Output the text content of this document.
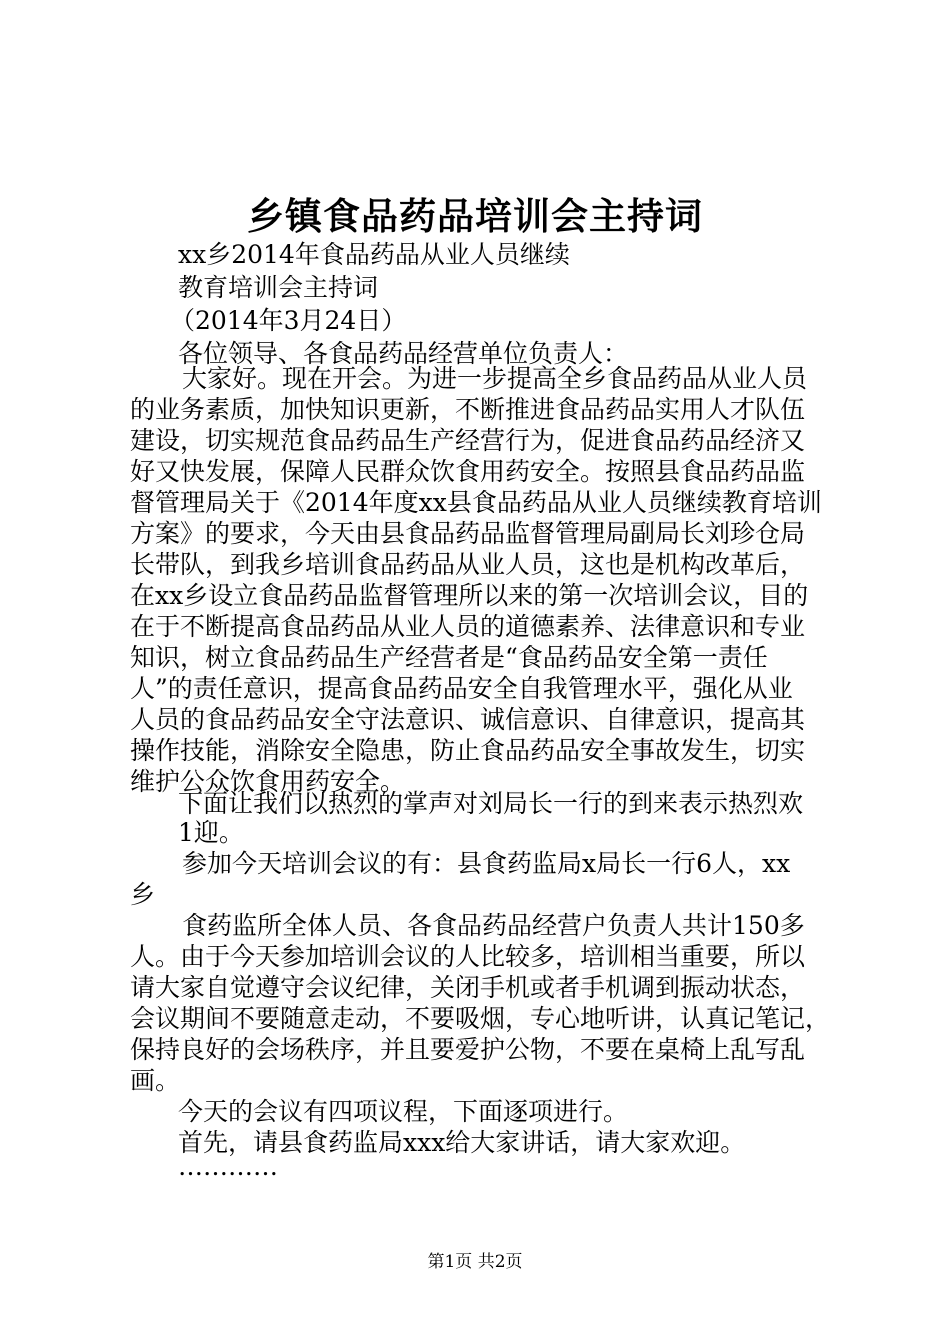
乡镇食品药品培训会主持词
xx乡2014年食品药品从业人员继续
教育培训会主持词
（2014年3月24日）
各位领导、各食品药品经营单位负责人：
大家好。现在开会。为进一步提高全乡食品药品从业人员
的业务素质，加快知识更新，不断推进食品药品实用人才队伍
建设，切实规范食品药品生产经营行为，促进食品药品经济又
好又快发展，保障人民群众饮食用药安全。按照县食品药品监
督管理局关于《2014年度xx县食品药品从业人员继续教育培训
方案》的要求，今天由县食品药品监督管理局副局长刘珍仓局
长带队，到我乡培训食品药品从业人员，这也是机构改革后，
在xx乡设立食品药品监督管理所以来的第一次培训会议，目的
在于不断提高食品药品从业人员的道德素养、法律意识和专业
知识，树立食品药品生产经营者是“食品药品安全第一责任
人”的责任意识，提高食品药品安全自我管理水平，强化从业
人员的食品药品安全守法意识、诚信意识、自律意识，提高其
操作技能，消除安全隐患，防止食品药品安全事故发生，切实
维护公众饮食用药安全。
下面让我们以热烈的掌声对刘局长一行的到来表示热烈欢
1迎。
参加今天培训会议的有：县食药监局x局长一行6人，xx
乡
食药监所全体人员、各食品药品经营户负责人共计150多
人。由于今天参加培训会议的人比较多，培训相当重要，所以
请大家自觉遵守会议纪律，关闭手机或者手机调到振动状态，
会议期间不要随意走动，不要吸烟，专心地听讲，认真记笔记，
保持良好的会场秩序，并且要爱护公物，不要在桌椅上乱写乱
画。
今天的会议有四项议程，下面逐项进行。
首先，请县食药监局xxx给大家讲话，请大家欢迎。
…………
第1页 共2页
